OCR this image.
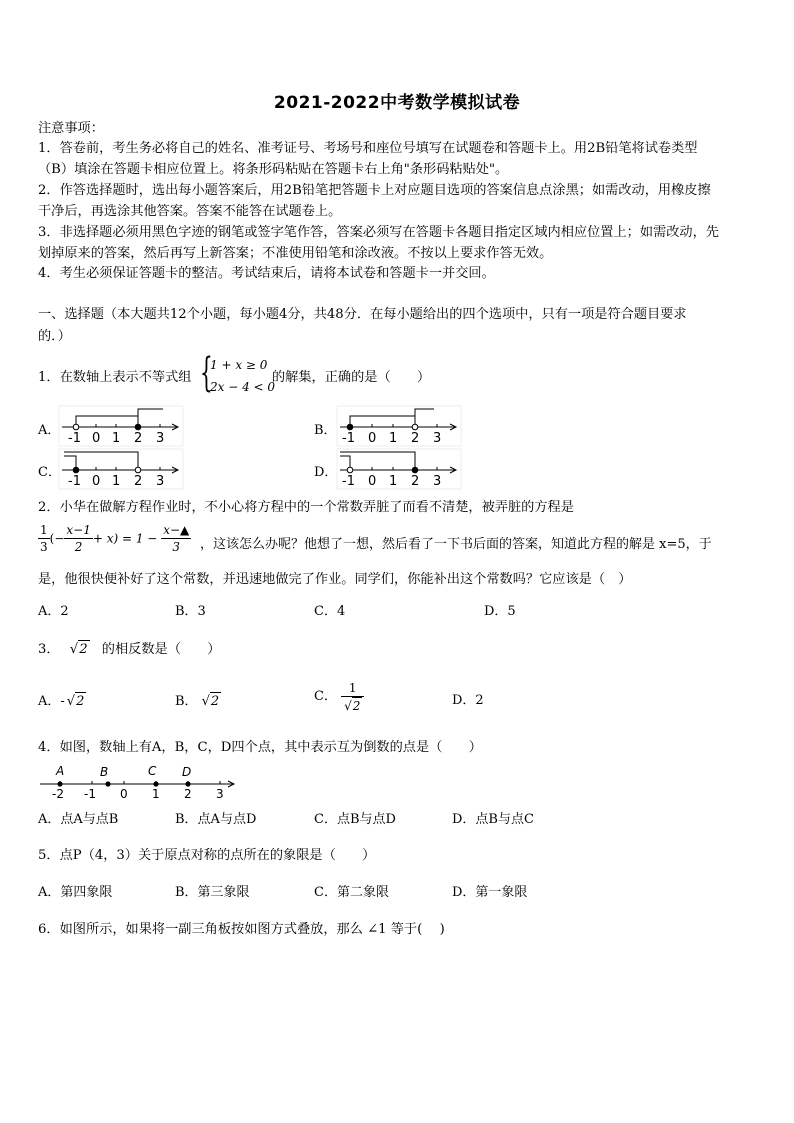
2021-2022中考数学模拟试卷
注意事项：
1．答卷前，考生务必将自己的姓名、准考证号、考场号和座位号填写在试题卷和答题卡上。用2B铅笔将试卷类型
（B）填涂在答题卡相应位置上。将条形码粘贴在答题卡右上角"条形码粘贴处"。
2．作答选择题时，选出每小题答案后，用2B铅笔把答题卡上对应题目选项的答案信息点涂黑；如需改动，用橡皮擦
干净后，再选涂其他答案。答案不能答在试题卷上。
3．非选择题必须用黑色字迹的钢笔或签字笔作答，答案必须写在答题卡各题目指定区域内相应位置上；如需改动，先
划掉原来的答案，然后再写上新答案；不准使用铅笔和涂改液。不按以上要求作答无效。
4．考生必须保证答题卡的整洁。考试结束后，请将本试卷和答题卡一并交回。
一、选择题（本大题共12个小题，每小题4分，共48分．在每小题给出的四个选项中，只有一项是符合题目要求
的．）
1．在数轴上表示不等式组 {
1 + x ≥ 0
2x − 4 < 0
的解集，正确的是（　　）
A．	B．
C．	D．
-1 0 1 2 3	-1 0 1 2 3
-1 0 1 2 3	-1 0 1 2 3
2．小华在做解方程作业时，不小心将方程中的一个常数弄脏了而看不清楚，被弄脏的方程是
$\frac{1}{3}$ (− $\frac{x-1}{2} + x) = 1 - \frac{x-▲}{3}$ ，这该怎么办呢？他想了一想，然后看了一下书后面的答案，知道此方程的解是 x=5，于
是，他很快便补好了这个常数，并迅速地做完了作业。同学们，你能补出这个常数吗？它应该是（　）
A．2	B．3	C．4	D．5
3． √ 2 的相反数是（　　）
A．- √ 2	B． √ 2	C． 1
√ 2	D．2
4．如图，数轴上有A，B，C，D四个点，其中表示互为倒数的点是（　　）
A	B	C D
-2 -1 0 1 2 3
A．点A与点B	B．点A与点D	C．点B与点D	D．点B与点C
5．点P（4，3）关于原点对称的点所在的象限是（　　）
A．第四象限	B．第三象限	C．第二象限	D．第一象限
6．如图所示，如果将一副三角板按如图方式叠放，那么 ∠1 等于(　 )
